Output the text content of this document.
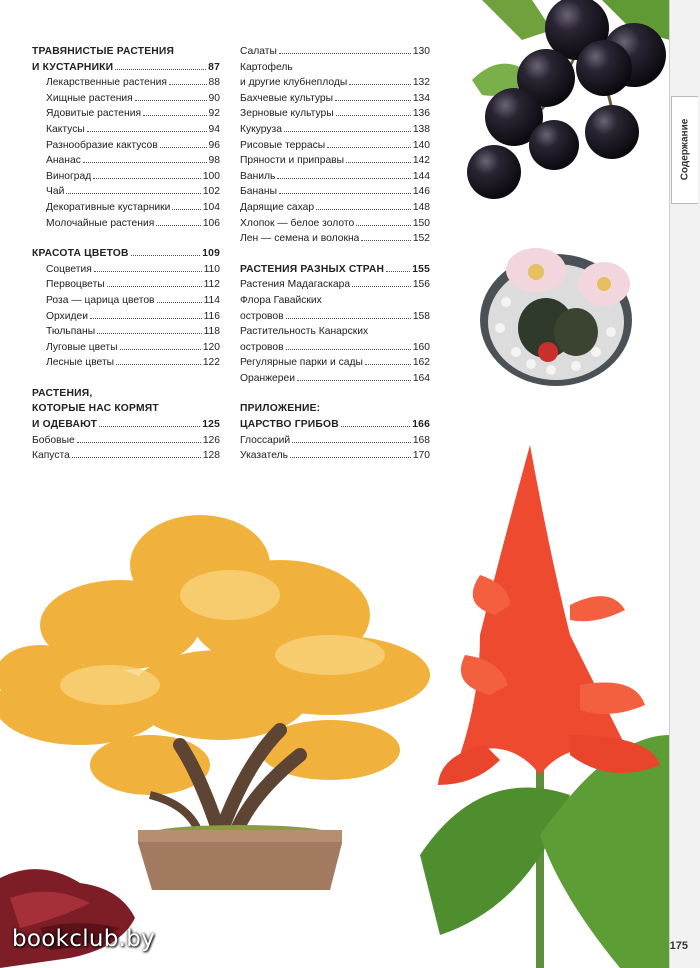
ТРАВЯНИСТЫЕ РАСТЕНИЯ
И КУСТАРНИКИ	87
Лекарственные растения	88
Хищные растения	90
Ядовитые растения	92
Кактусы	94
Разнообразие кактусов	96
Ананас	98
Виноград	100
Чай	102
Декоративные кустарники	104
Молочайные растения	106
КРАСОТА ЦВЕТОВ	109
Соцветия	110
Первоцветы	112
Роза — царица цветов	114
Орхидеи	116
Тюльпаны	118
Луговые цветы	120
Лесные цветы	122
РАСТЕНИЯ,
КОТОРЫЕ НАС КОРМЯТ
И ОДЕВАЮТ	125
Бобовые	126
Капуста	128
Салаты	130
Картофель
и другие клубнеплоды	132
Бахчевые культуры	134
Зерновые культуры	136
Кукуруза	138
Рисовые террасы	140
Пряности и приправы	142
Ваниль	144
Бананы	146
Дарящие сахар	148
Хлопок — белое золото	150
Лен — семена и волокна	152
РАСТЕНИЯ РАЗНЫХ СТРАН	155
Растения Мадагаскара	156
Флора Гавайских
островов	158
Растительность Канарских
островов	160
Регулярные парки и сады	162
Оранжереи	164
ПРИЛОЖЕНИЕ:
ЦАРСТВО ГРИБОВ	166
Глоссарий	168
Указатель	170
Содержание
175
bookclub.by
